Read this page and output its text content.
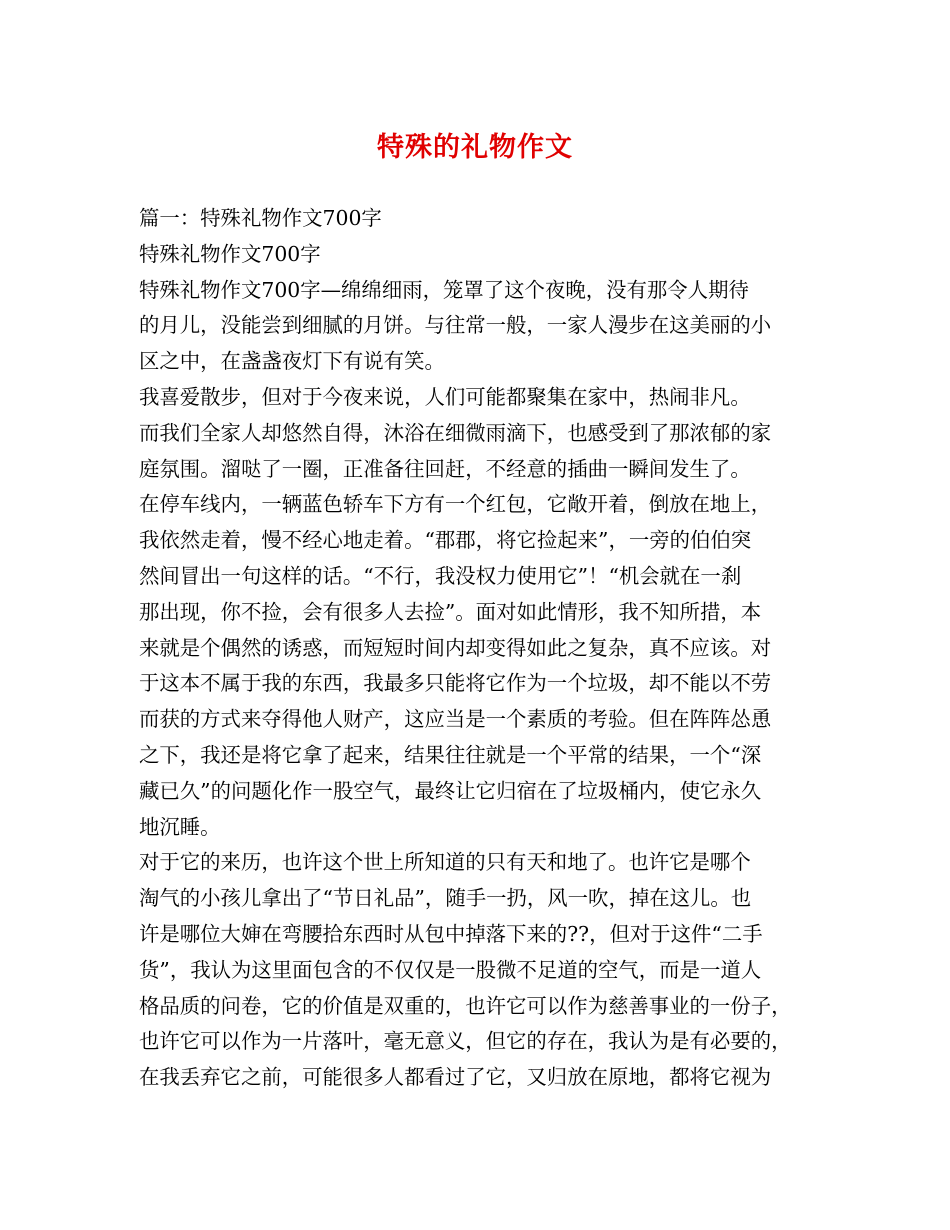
特殊的礼物作文
篇一：特殊礼物作文700字
特殊礼物作文700字
特殊礼物作文700字—绵绵细雨，笼罩了这个夜晚，没有那令人期待
的月儿，没能尝到细腻的月饼。与往常一般，一家人漫步在这美丽的小
区之中，在盏盏夜灯下有说有笑。
我喜爱散步，但对于今夜来说，人们可能都聚集在家中，热闹非凡。
而我们全家人却悠然自得，沐浴在细微雨滴下，也感受到了那浓郁的家
庭氛围。溜哒了一圈，正准备往回赶，不经意的插曲一瞬间发生了。
在停车线内，一辆蓝色轿车下方有一个红包，它敞开着，倒放在地上，
我依然走着，慢不经心地走着。“郡郡，将它捡起来”，一旁的伯伯突
然间冒出一句这样的话。“不行，我没权力使用它”！“机会就在一刹
那出现，你不捡，会有很多人去捡”。面对如此情形，我不知所措，本
来就是个偶然的诱惑，而短短时间内却变得如此之复杂，真不应该。对
于这本不属于我的东西，我最多只能将它作为一个垃圾，却不能以不劳
而获的方式来夺得他人财产，这应当是一个素质的考验。但在阵阵怂恿
之下，我还是将它拿了起来，结果往往就是一个平常的结果，一个“深
藏已久”的问题化作一股空气，最终让它归宿在了垃圾桶内，使它永久
地沉睡。
对于它的来历，也许这个世上所知道的只有天和地了。也许它是哪个
淘气的小孩儿拿出了“节日礼品”，随手一扔，风一吹，掉在这儿。也
许是哪位大婶在弯腰拾东西时从包中掉落下来的??，但对于这件“二手
货”，我认为这里面包含的不仅仅是一股微不足道的空气，而是一道人
格品质的问卷，它的价值是双重的，也许它可以作为慈善事业的一份子，
也许它可以作为一片落叶，毫无意义，但它的存在，我认为是有必要的，
在我丢弃它之前，可能很多人都看过了它，又归放在原地，都将它视为
